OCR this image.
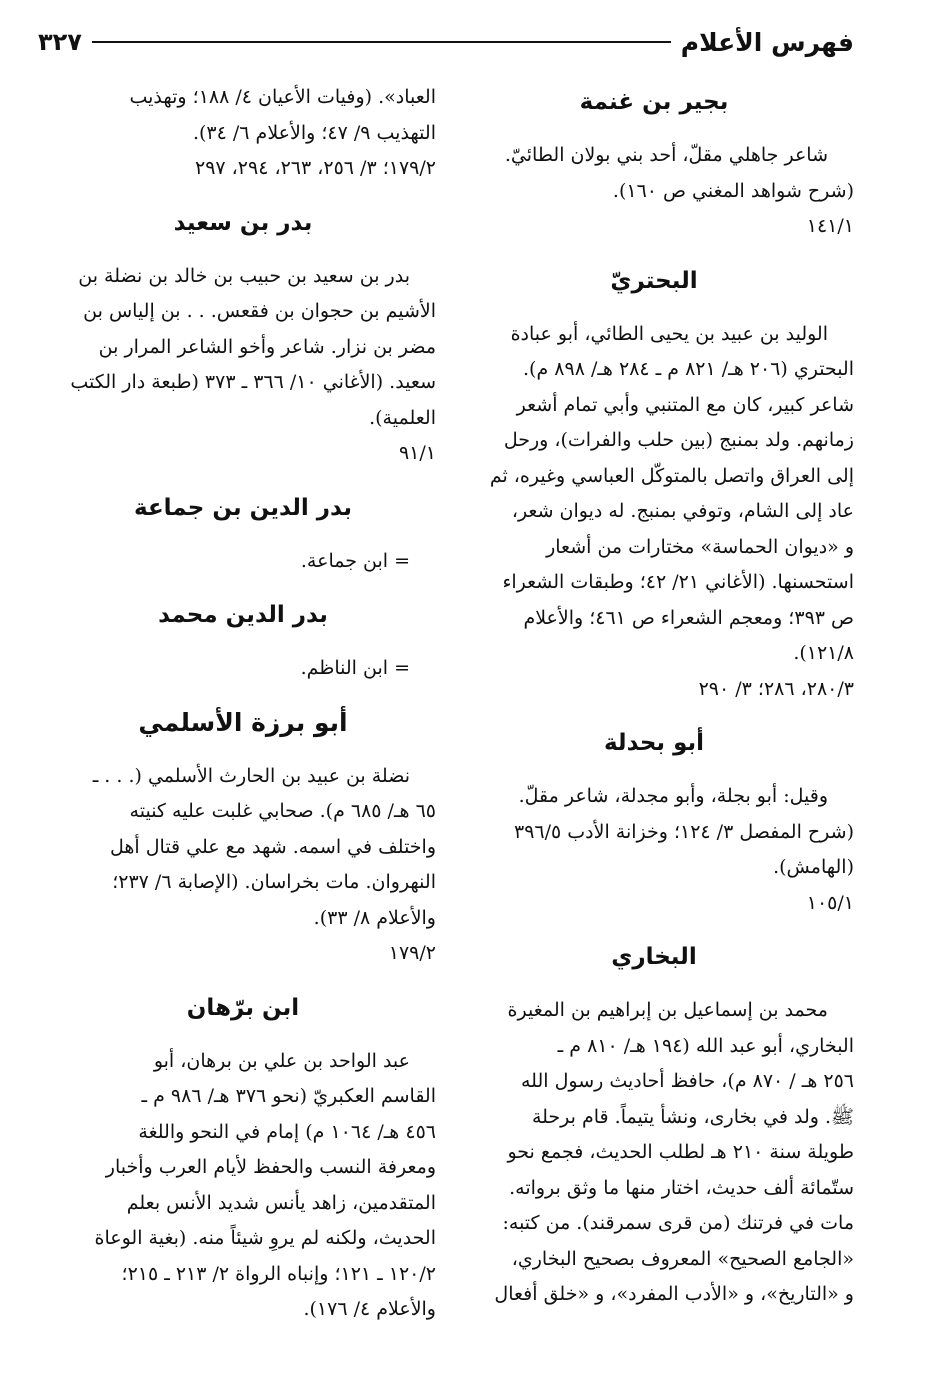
فهرس الأعلام
٣٢٧
بجير بن غنمة

شاعر جاهلي مقلّ، أحد بني بولان الطائيّ.

(شرح شواهد المغني ص ١٦٠).

١٤١/١

البحتريّ

الوليد بن عبيد بن يحيى الطائي، أبو عبادة

البحتري (٢٠٦ هـ/ ٨٢١ م ـ ٢٨٤ هـ/ ٨٩٨ م).

شاعر كبير، كان مع المتنبي وأبي تمام أشعر

زمانهم. ولد بمنبج (بين حلب والفرات)، ورحل

إلى العراق واتصل بالمتوكّل العباسي وغيره، ثم

عاد إلى الشام، وتوفي بمنبج. له ديوان شعر،

و «ديوان الحماسة» مختارات من أشعار

استحسنها. (الأغاني ٢١/ ٤٢؛ وطبقات الشعراء

ص ٣٩٣؛ ومعجم الشعراء ص ٤٦١؛ والأعلام

١٢١/٨).

٢٨٠/٣، ٢٨٦؛ ٣/ ٢٩٠

أبو بحدلة

وقيل: أبو بجلة، وأبو مجدلة، شاعر مقلّ.

(شرح المفصل ٣/ ١٢٤؛ وخزانة الأدب ٣٩٦/٥

(الهامش).

١٠٥/١

البخاري

محمد بن إسماعيل بن إبراهيم بن المغيرة

البخاري، أبو عبد الله (١٩٤ هـ/ ٨١٠ م ـ

٢٥٦ هـ / ٨٧٠ م)، حافظ أحاديث رسول الله

ﷺ. ولد في بخارى، ونشأ يتيماً. قام برحلة

طويلة سنة ٢١٠ هـ لطلب الحديث، فجمع نحو

ستّمائة ألف حديث، اختار منها ما وثق برواته.

مات في فرتنك (من قرى سمرقند). من كتبه:

«الجامع الصحيح» المعروف بصحيح البخاري،

و «التاريخ»، و «الأدب المفرد»، و «خلق أفعال

العباد». (وفيات الأعيان ٤/ ١٨٨؛ وتهذيب

التهذيب ٩/ ٤٧؛ والأعلام ٦/ ٣٤).

١٧٩/٢؛ ٣/ ٢٥٦، ٢٦٣، ٢٩٤، ٢٩٧

بدر بن سعيد

بدر بن سعيد بن حبيب بن خالد بن نضلة بن

الأشيم بن حجوان بن فقعس. . . بن إلياس بن

مضر بن نزار. شاعر وأخو الشاعر المرار بن

سعيد. (الأغاني ١٠/ ٣٦٦ ـ ٣٧٣ (طبعة دار الكتب

العلمية).

٩١/١

بدر الدين بن جماعة

= ابن جماعة.

بدر الدين محمد

= ابن الناظم.

أبو برزة الأسلمي

نضلة بن عبيد بن الحارث الأسلمي (. . . ـ

٦٥ هـ/ ٦٨٥ م). صحابي غلبت عليه كنيته

واختلف في اسمه. شهد مع علي قتال أهل

النهروان. مات بخراسان. (الإصابة ٦/ ٢٣٧؛

والأعلام ٨/ ٣٣).

١٧٩/٢

ابن برّهان

عبد الواحد بن علي بن برهان، أبو

القاسم العكبريّ (نحو ٣٧٦ هـ/ ٩٨٦ م ـ

٤٥٦ هـ/ ١٠٦٤ م) إمام في النحو واللغة

ومعرفة النسب والحفظ لأيام العرب وأخبار

المتقدمين، زاهد يأنس شديد الأنس بعلم

الحديث، ولكنه لم يروِ شيئاً منه. (بغية الوعاة

١٢٠/٢ ـ ١٢١؛ وإنباه الرواة ٢/ ٢١٣ ـ ٢١٥؛

والأعلام ٤/ ١٧٦).
